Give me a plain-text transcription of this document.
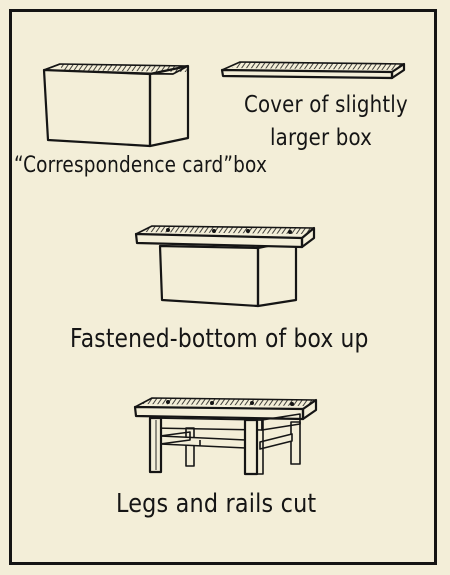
“Correspondence card”box
Cover of slightly
larger box
Fastened-bottom of box up
Legs and rails cut
